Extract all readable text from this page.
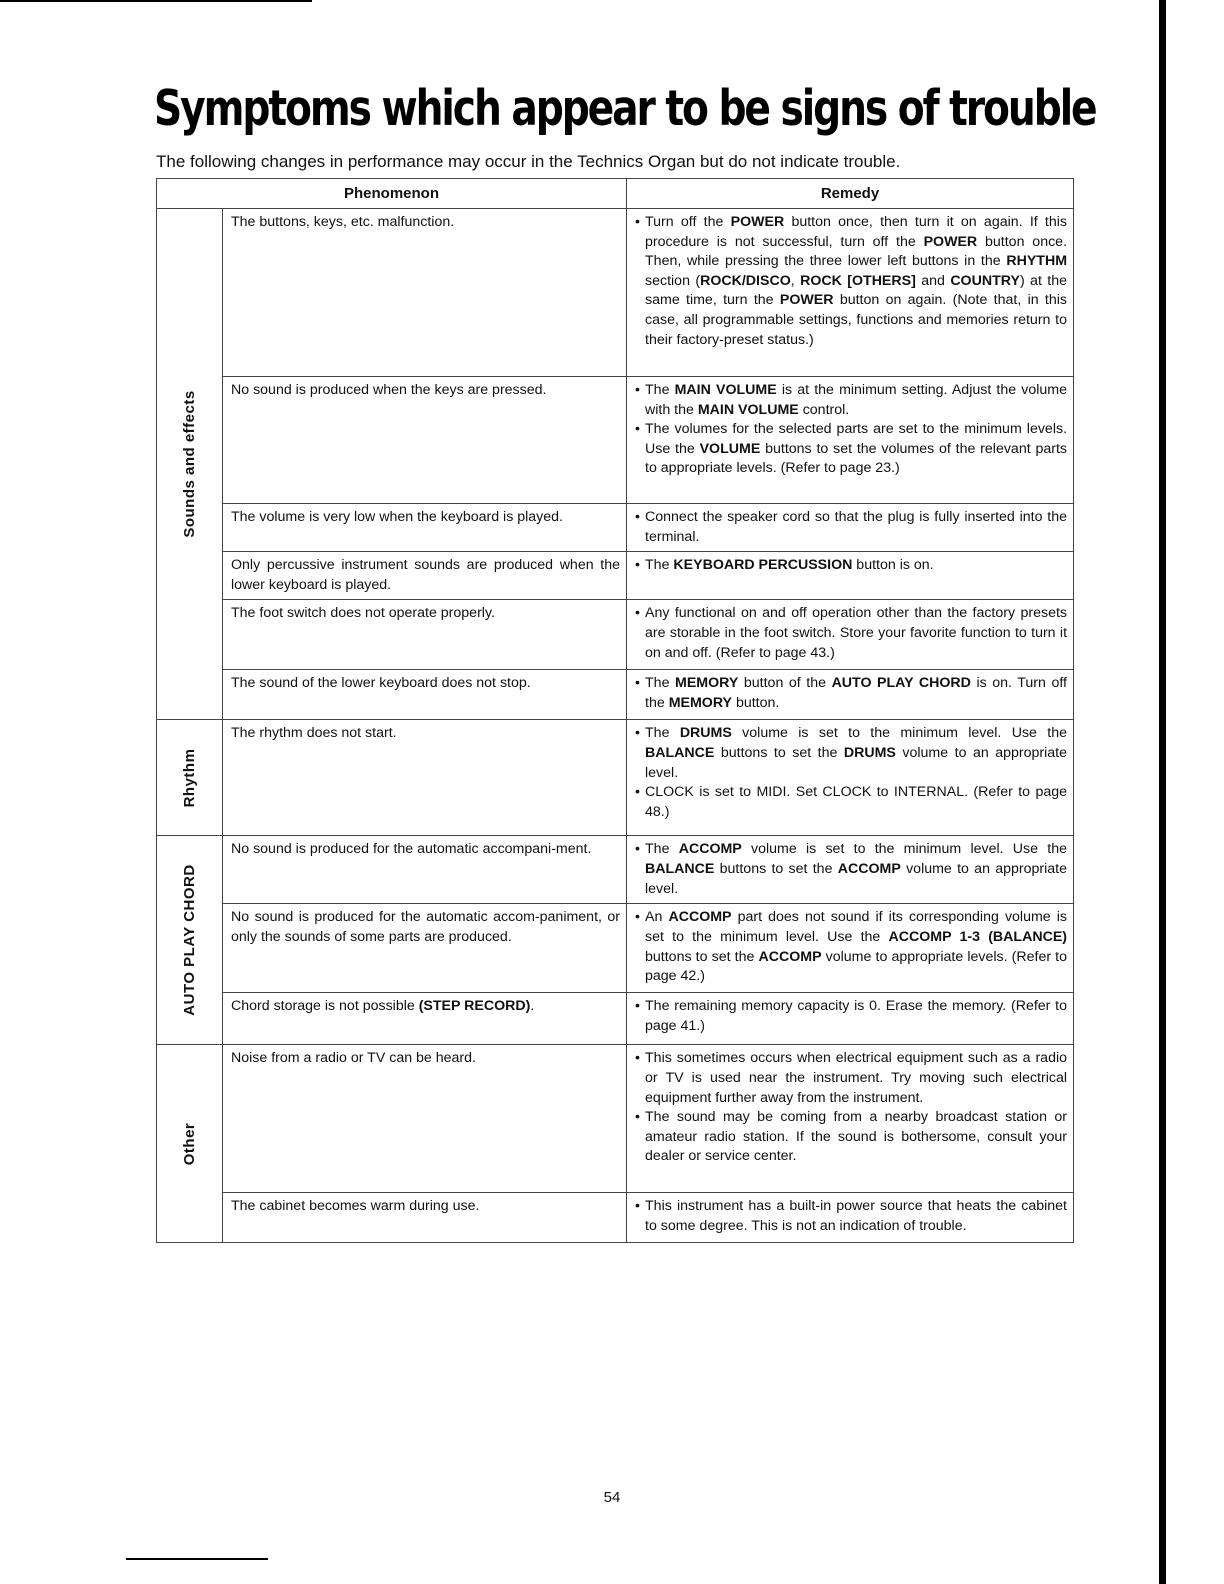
Symptoms which appear to be signs of trouble
The following changes in performance may occur in the Technics Organ but do not indicate trouble.
Phenomenon		Remedy

Sounds and effects	The buttons, keys, etc. malfunction.	• Turn off the POWER button once, then turn it on again. If this procedure is not successful, turn off the POWER button once. Then, while pressing the three lower left buttons in the RHYTHM section (ROCK/DISCO, ROCK [OTHERS] and COUNTRY) at the same time, turn the POWER button on again. (Note that, in this case, all programmable settings, functions and memories return to their factory-preset status.)

	No sound is produced when the keys are pressed.	• The MAIN VOLUME is at the minimum setting. Adjust the volume with the MAIN VOLUME control.
• The volumes for the selected parts are set to the minimum levels. Use the VOLUME buttons to set the volumes of the relevant parts to appropriate levels. (Refer to page 23.)

	The volume is very low when the keyboard is played.	• Connect the speaker cord so that the plug is fully inserted into the terminal.

	Only percussive instrument sounds are produced when the lower keyboard is played.	• The KEYBOARD PERCUSSION button is on.

	The foot switch does not operate properly.	• Any functional on and off operation other than the factory presets are storable in the foot switch. Store your favorite function to turn it on and off. (Refer to page 43.)

	The sound of the lower keyboard does not stop.	• The MEMORY button of the AUTO PLAY CHORD is on. Turn off the MEMORY button.

Rhythm	The rhythm does not start.	• The DRUMS volume is set to the minimum level. Use the BALANCE buttons to set the DRUMS volume to an appropriate level.
• CLOCK is set to MIDI. Set CLOCK to INTERNAL. (Refer to page 48.)

AUTO PLAY CHORD	No sound is produced for the automatic accompani-ment.	• The ACCOMP volume is set to the minimum level. Use the BALANCE buttons to set the ACCOMP volume to an appropriate level.

	No sound is produced for the automatic accom-paniment, or only the sounds of some parts are produced.	• An ACCOMP part does not sound if its corresponding volume is set to the minimum level. Use the ACCOMP 1-3 (BALANCE) buttons to set the ACCOMP volume to appropriate levels. (Refer to page 42.)

	Chord storage is not possible (STEP RECORD).	• The remaining memory capacity is 0. Erase the memory. (Refer to page 41.)

Other	Noise from a radio or TV can be heard.	• This sometimes occurs when electrical equipment such as a radio or TV is used near the instrument. Try moving such electrical equipment further away from the instrument.
• The sound may be coming from a nearby broadcast station or amateur radio station. If the sound is bothersome, consult your dealer or service center.

	The cabinet becomes warm during use.	• This instrument has a built-in power source that heats the cabinet to some degree. This is not an indication of trouble.
54
